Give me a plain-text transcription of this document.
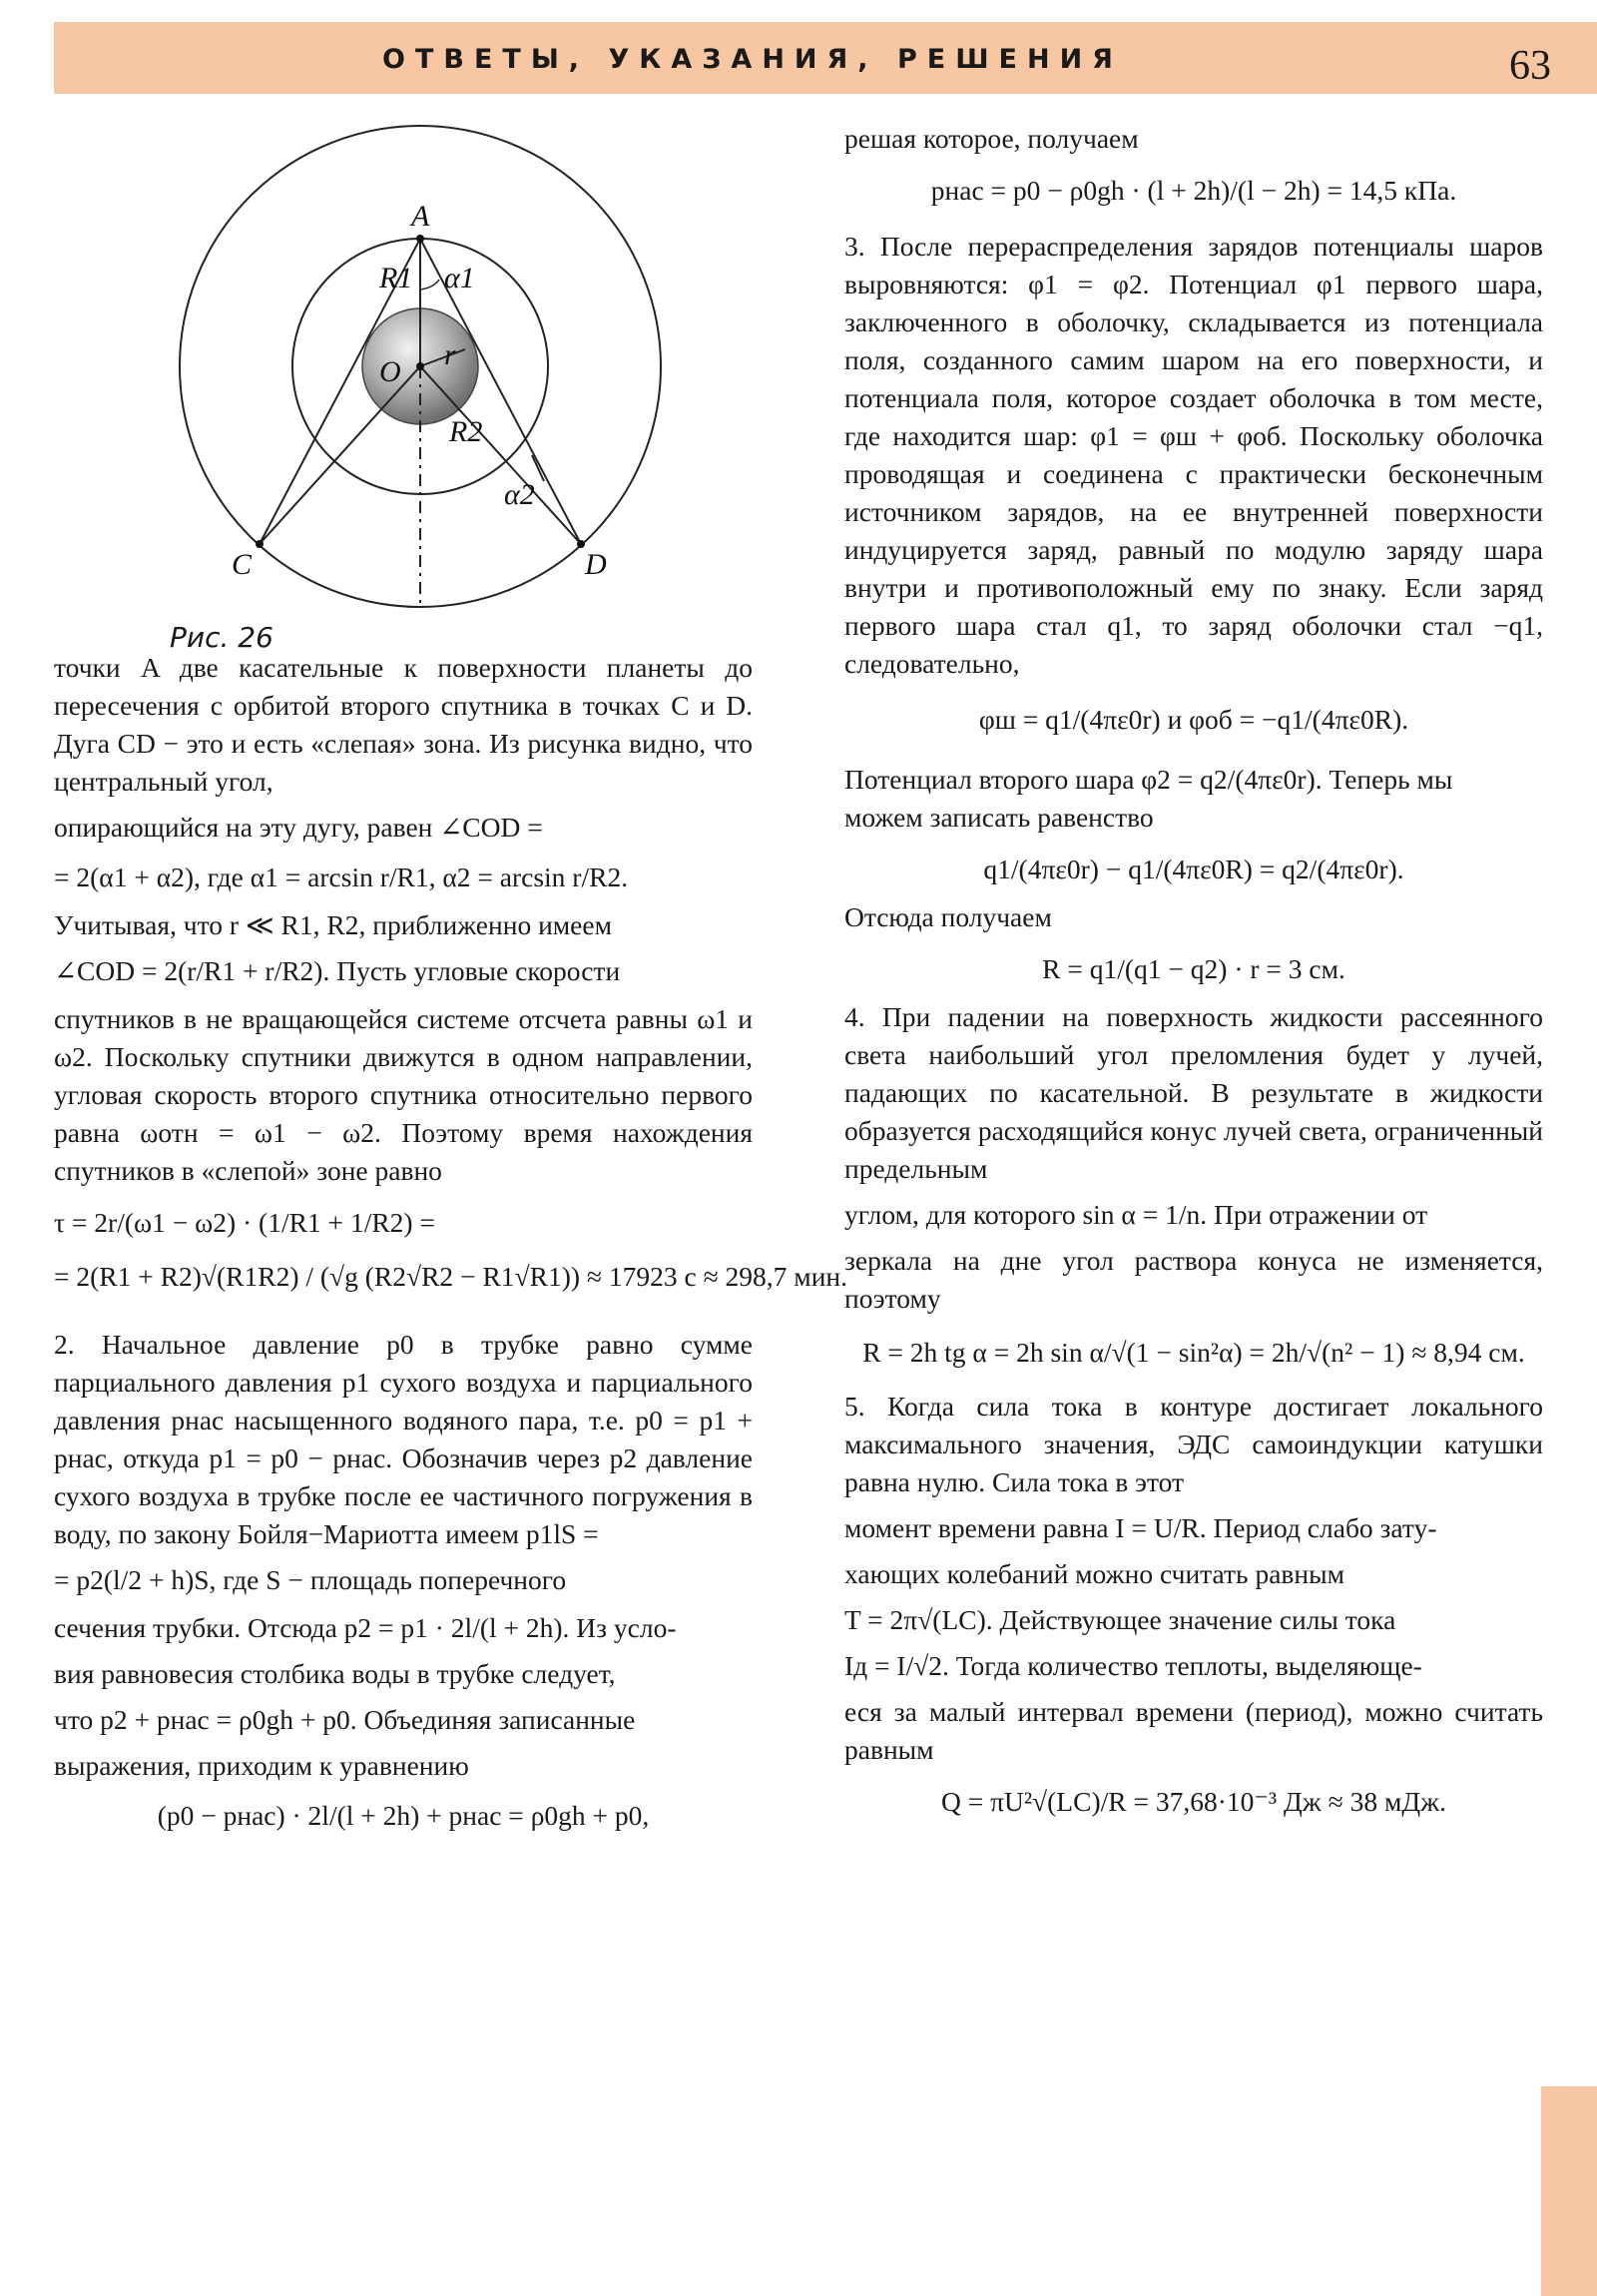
ОТВЕТЫ, УКАЗАНИЯ, РЕШЕНИЯ	63
A
R1 α1
O
r
R2
α2
C	D
Рис. 26

точки A две касательные к поверхности планеты до пересечения с орбитой второго спутника в точках C и D. Дуга CD − это и есть «слепая» зона. Из рисунка видно, что центральный угол,

опирающийся на эту дугу, равен ∠COD =

= 2(α1 + α2), где α1 = arcsin r/R1, α2 = arcsin r/R2.

Учитывая, что r ≪ R1, R2, приближенно имеем

∠COD = 2(r/R1 + r/R2). Пусть угловые скорости

спутников в не вращающейся системе отсчета равны ω1 и ω2. Поскольку спутники движутся в одном направлении, угловая скорость второго спутника относительно первого равна ωотн = ω1 − ω2. Поэтому время нахождения спутников в «слепой» зоне равно

τ = 2r/(ω1 − ω2) · (1/R1 + 1/R2) =

= 2(R1 + R2)√(R1R2) / (√g (R2√R2 − R1√R1)) ≈ 17923 с ≈ 298,7 мин.

2. Начальное давление p0 в трубке равно сумме парциального давления p1 сухого воздуха и парциального давления pнас насыщенного водяного пара, т.е. p0 = p1 + pнас, откуда p1 = p0 − pнас. Обозначив через p2 давление сухого воздуха в трубке после ее частичного погружения в воду, по закону Бойля−Мариотта имеем p1lS =

= p2(l/2 + h)S, где S − площадь поперечного

сечения трубки. Отсюда p2 = p1 · 2l/(l + 2h). Из усло-

вия равновесия столбика воды в трубке следует,

что p2 + pнас = ρ0gh + p0. Объединяя записанные

выражения, приходим к уравнению

(p0 − pнас) · 2l/(l + 2h) + pнас = ρ0gh + p0,

решая которое, получаем

pнас = p0 − ρ0gh · (l + 2h)/(l − 2h) = 14,5 кПа.

3. После перераспределения зарядов потенциалы шаров выровняются: φ1 = φ2. Потенциал φ1 первого шара, заключенного в оболочку, складывается из потенциала поля, созданного самим шаром на его поверхности, и потенциала поля, которое создает оболочка в том месте, где находится шар: φ1 = φш + φоб. Поскольку оболочка проводящая и соединена с практически бесконечным источником зарядов, на ее внутренней поверхности индуцируется заряд, равный по модулю заряду шара внутри и противоположный ему по знаку. Если заряд первого шара стал q1, то заряд оболочки стал −q1, следовательно,

φш = q1/(4πε0r) и φоб = −q1/(4πε0R).

Потенциал второго шара φ2 = q2/(4πε0r). Теперь мы

можем записать равенство

q1/(4πε0r) − q1/(4πε0R) = q2/(4πε0r).

Отсюда получаем

R = q1/(q1 − q2) · r = 3 см.

4. При падении на поверхность жидкости рассеянного света наибольший угол преломления будет у лучей, падающих по касательной. В результате в жидкости образуется расходящийся конус лучей света, ограниченный предельным

углом, для которого sin α = 1/n. При отражении от

зеркала на дне угол раствора конуса не изменяется, поэтому

R = 2h tg α = 2h sin α/√(1 − sin²α) = 2h/√(n² − 1) ≈ 8,94 см.

5. Когда сила тока в контуре достигает локального максимального значения, ЭДС самоиндукции катушки равна нулю. Сила тока в этот

момент времени равна I = U/R. Период слабо зату-

хающих колебаний можно считать равным

T = 2π√(LC). Действующее значение силы тока

Iд = I/√2. Тогда количество теплоты, выделяюще-

еся за малый интервал времени (период), можно считать равным

Q = πU²√(LC)/R = 37,68·10⁻³ Дж ≈ 38 мДж.
